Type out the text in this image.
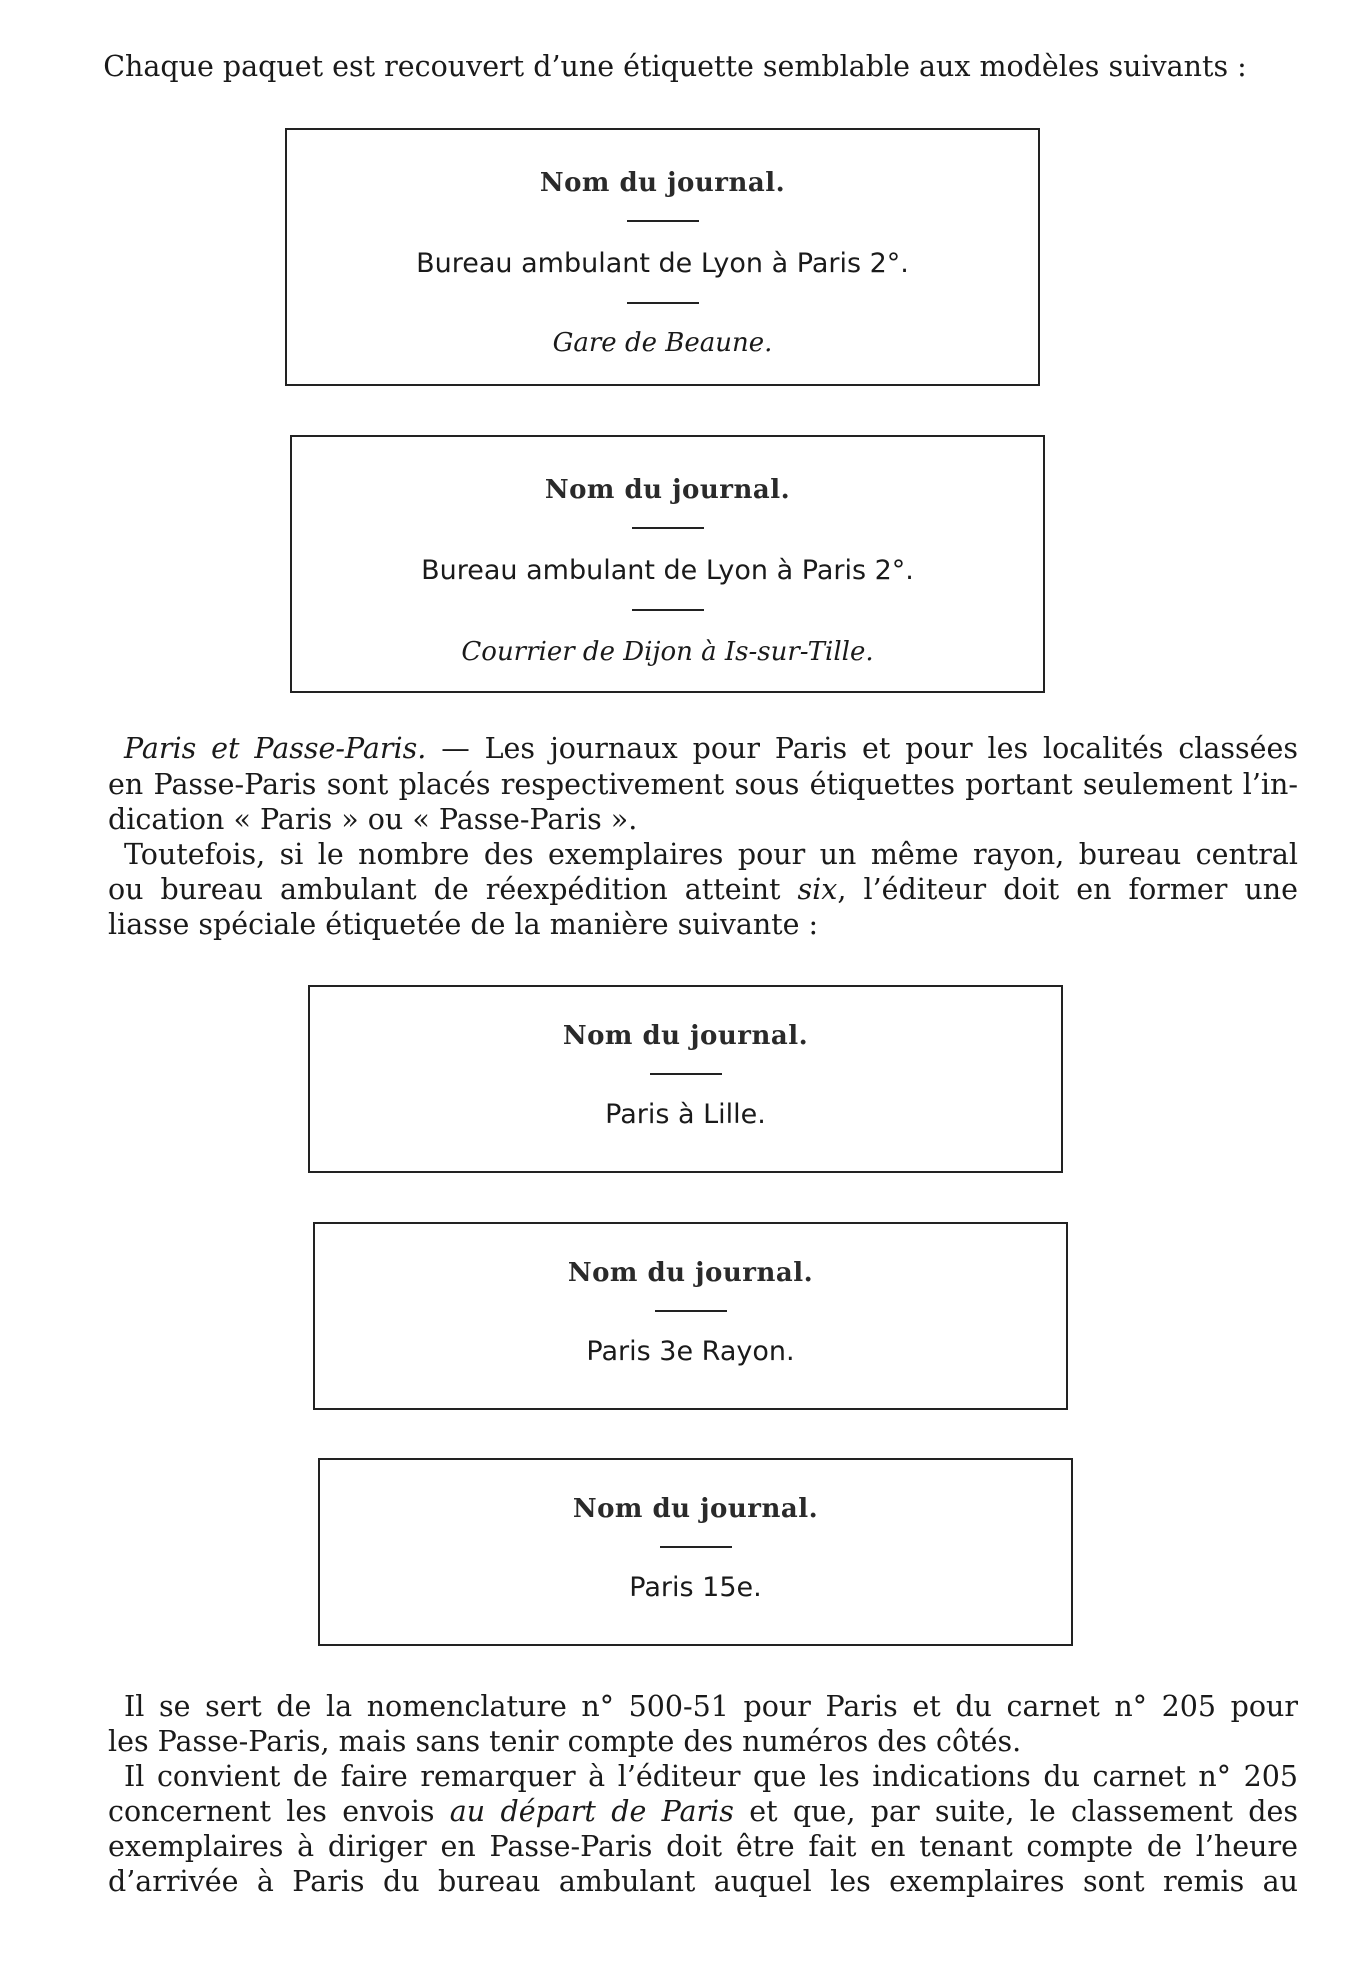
Chaque paquet est recouvert d’une étiquette semblable aux modèles suivants :
Nom du journal.
Bureau ambulant de Lyon à Paris 2°.
Gare de Beaune.
Nom du journal.
Bureau ambulant de Lyon à Paris 2°.
Courrier de Dijon à Is-sur-Tille.
Paris et Passe-Paris. — Les journaux pour Paris et pour les localités classées
en Passe-Paris sont placés respectivement sous étiquettes portant seulement l’in-
dication « Paris » ou « Passe-Paris ».
Toutefois, si le nombre des exemplaires pour un même rayon, bureau central
ou bureau ambulant de réexpédition atteint six, l’éditeur doit en former une
liasse spéciale étiquetée de la manière suivante :
Nom du journal.
Paris à Lille.
Nom du journal.
Paris 3e Rayon.
Nom du journal.
Paris 15e.
Il se sert de la nomenclature n° 500-51 pour Paris et du carnet n° 205 pour
les Passe-Paris, mais sans tenir compte des numéros des côtés.
Il convient de faire remarquer à l’éditeur que les indications du carnet n° 205
concernent les envois au départ de Paris et que, par suite, le classement des
exemplaires à diriger en Passe-Paris doit être fait en tenant compte de l’heure
d’arrivée à Paris du bureau ambulant auquel les exemplaires sont remis au
